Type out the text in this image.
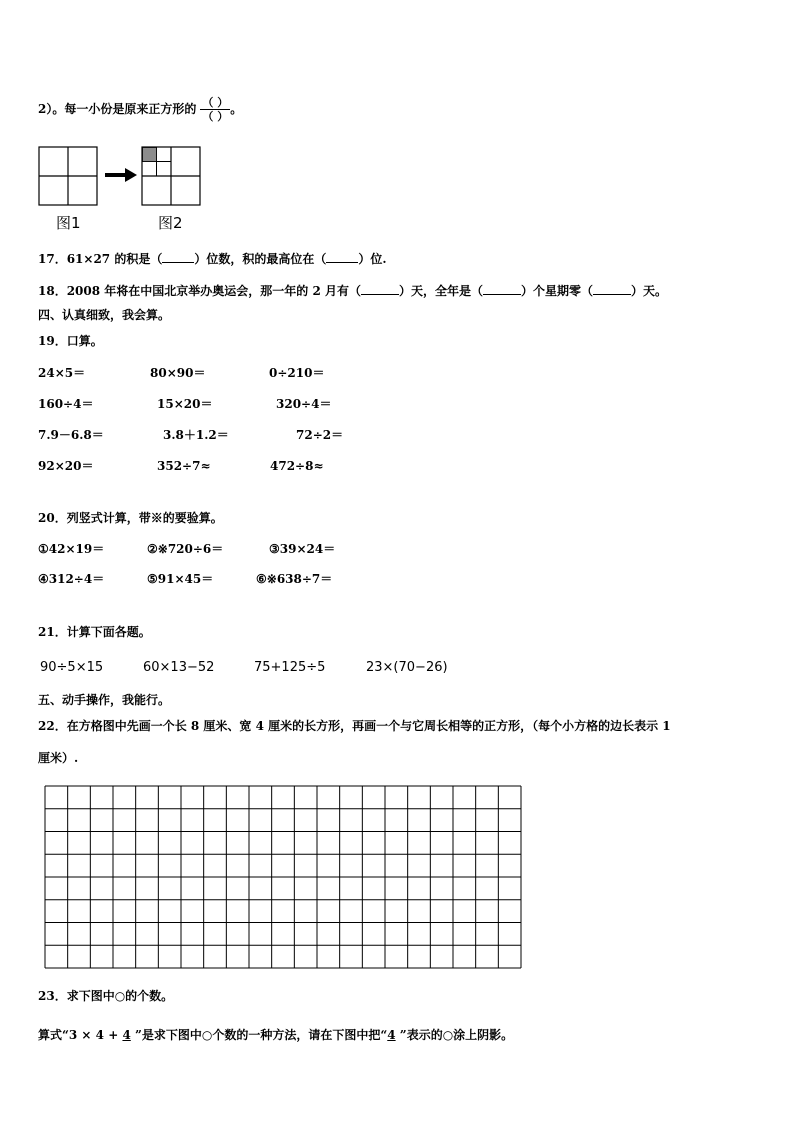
2）。每一小份是原来正方形的 $\frac{( )}{( )}$ 。
图1	图2
17．61×27 的积是（	）位数，积的最高位在（	）位.
18．2008 年将在中国北京举办奥运会，那一年的 2 月有（	）天，全年是（	）个星期零（	）天。
四、认真细致，我会算。
19．口算。
24×5＝	80×90＝	0÷210＝
160÷4＝	15×20＝	320÷4＝
7.9－6.8＝	3.8＋1.2＝	72÷2＝
92×20＝	352÷7≈	472÷8≈
20．列竖式计算，带※的要验算。
①42×19＝	②※720÷6＝	③39×24＝
④312÷4＝	⑤91×45＝	⑥※638÷7＝
21．计算下面各题。
90÷5×15	60×13−52	75+125÷5	23×(70−26)
五、动手操作，我能行。
22．在方格图中先画一个长 8 厘米、宽 4 厘米的长方形，再画一个与它周长相等的正方形，（每个小方格的边长表示 1
厘米）.
23．求下图中○的个数。
算式“3 × 4 + 4 ”是求下图中○个数的一种方法，请在下图中把“4 ”表示的○涂上阴影。
